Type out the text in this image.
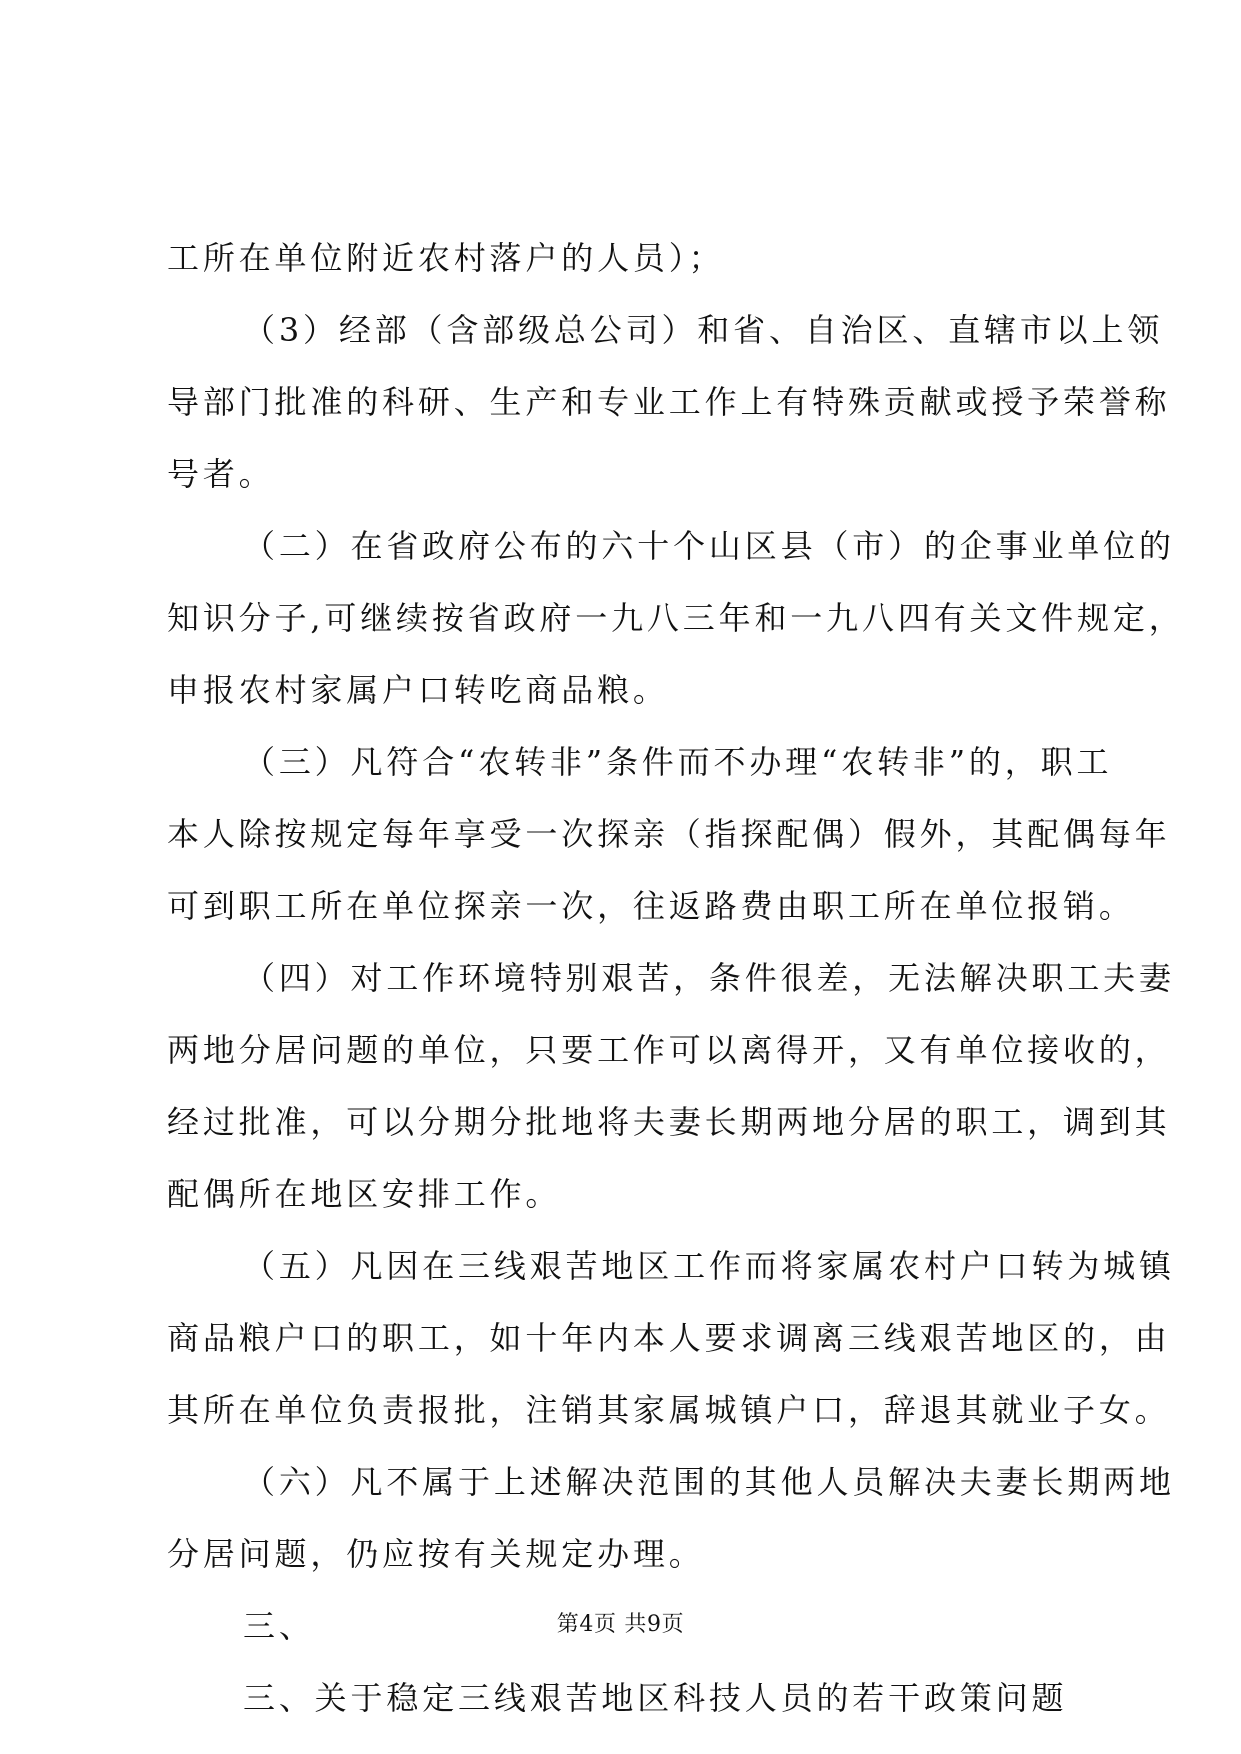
工所在单位附近农村落户的人员）；
（3）经部（含部级总公司）和省、自治区、直辖市以上领
导部门批准的科研、生产和专业工作上有特殊贡献或授予荣誉称
号者。
（二）在省政府公布的六十个山区县（市）的企事业单位的
知识分子,可继续按省政府一九八三年和一九八四有关文件规定，
申报农村家属户口转吃商品粮。
（三）凡符合“农转非”条件而不办理“农转非”的，职工
本人除按规定每年享受一次探亲（指探配偶）假外，其配偶每年
可到职工所在单位探亲一次，往返路费由职工所在单位报销。
（四）对工作环境特别艰苦，条件很差，无法解决职工夫妻
两地分居问题的单位，只要工作可以离得开，又有单位接收的，
经过批准，可以分期分批地将夫妻长期两地分居的职工，调到其
配偶所在地区安排工作。
（五）凡因在三线艰苦地区工作而将家属农村户口转为城镇
商品粮户口的职工，如十年内本人要求调离三线艰苦地区的，由
其所在单位负责报批，注销其家属城镇户口，辞退其就业子女。
（六）凡不属于上述解决范围的其他人员解决夫妻长期两地
分居问题，仍应按有关规定办理。
三、
三、关于稳定三线艰苦地区科技人员的若干政策问题
第4页 共9页
